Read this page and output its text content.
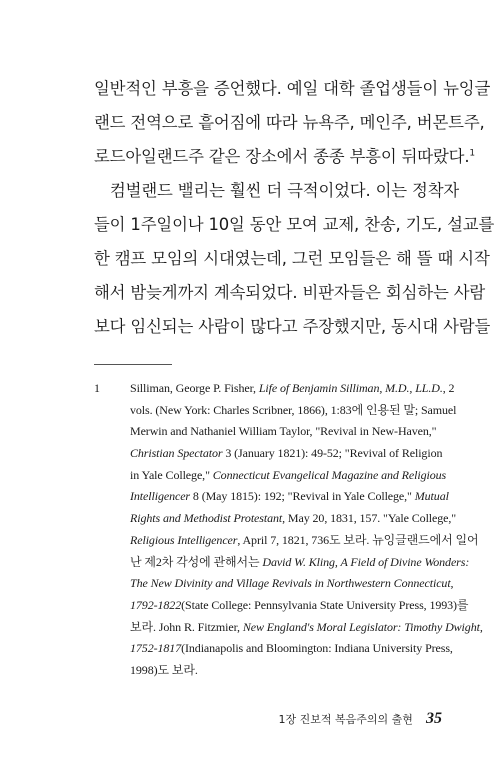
일반적인 부흥을 증언했다. 예일 대학 졸업생들이 뉴잉글
랜드 전역으로 흩어짐에 따라 뉴욕주, 메인주, 버몬트주,
로드아일랜드주 같은 장소에서 종종 부흥이 뒤따랐다.$^1$
컴벌랜드 밸리는 훨씬 더 극적이었다. 이는 정착자
들이 1주일이나 10일 동안 모여 교제, 찬송, 기도, 설교를
한 캠프 모임의 시대였는데, 그런 모임들은 해 뜰 때 시작
해서 밤늦게까지 계속되었다. 비판자들은 회심하는 사람
보다 임신되는 사람이 많다고 주장했지만, 동시대 사람들
1	Silliman, George P. Fisher, Life of Benjamin Silliman, M.D., LL.D., 2
vols. (New York: Charles Scribner, 1866), 1:83에 인용된 말; Samuel
Merwin and Nathaniel William Taylor, "Revival in New-Haven,"
Christian Spectator 3 (January 1821): 49-52; "Revival of Religion
in Yale College," Connecticut Evangelical Magazine and Religious
Intelligencer 8 (May 1815): 192; "Revival in Yale College," Mutual
Rights and Methodist Protestant, May 20, 1831, 157. "Yale College,"
Religious Intelligencer, April 7, 1821, 736도 보라. 뉴잉글랜드에서 일어
난 제2차 각성에 관해서는 David W. Kling, A Field of Divine Wonders:
The New Divinity and Village Revivals in Northwestern Connecticut,
1792-1822(State College: Pennsylvania State University Press, 1993)를
보라. John R. Fitzmier, New England's Moral Legislator: Timothy Dwight,
1752-1817(Indianapolis and Bloomington: Indiana University Press,
1998)도 보라.
1장 진보적 복음주의의 출현 35
